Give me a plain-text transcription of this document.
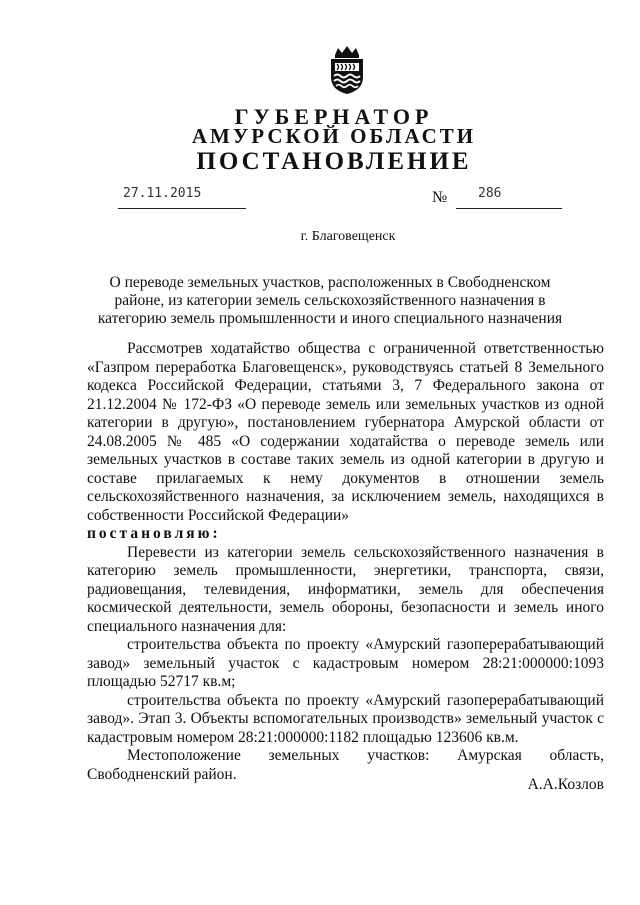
ГУБЕРНАТОР
АМУРСКОЙ ОБЛАСТИ
ПОСТАНОВЛЕНИЕ
27.11.2015	№ 286
г. Благовещенск
О переводе земельных участков, расположенных в Свободненском районе, из категории земель сельскохозяйственного назначения в категорию земель промышленности и иного специального назначения

Рассмотрев ходатайство общества с ограниченной ответственностью «Газпром переработка Благовещенск», руководствуясь статьей 8 Земельного кодекса Российской Федерации, статьями 3, 7 Федерального закона от 21.12.2004 № 172-ФЗ «О переводе земель или земельных участков из одной категории в другую», постановлением губернатора Амурской области от 24.08.2005 № 485 «О содержании ходатайства о переводе земель или земельных участков в составе таких земель из одной категории в другую и составе прилагаемых к нему документов в отношении земель сельскохозяйственного назначения, за исключением земель, находящихся в собственности Российской Федерации»

постановляю:

Перевести из категории земель сельскохозяйственного назначения в категорию земель промышленности, энергетики, транспорта, связи, радиовещания, телевидения, информатики, земель для обеспечения космической деятельности, земель обороны, безопасности и земель иного специального назначения для:

строительства объекта по проекту «Амурский газоперерабатывающий завод» земельный участок с кадастровым номером 28:21:000000:1093 площадью 52717 кв.м;

строительства объекта по проекту «Амурский газоперерабатывающий завод». Этап 3. Объекты вспомогательных производств» земельный участок с кадастровым номером 28:21:000000:1182 площадью 123606 кв.м.

Местоположение земельных участков: Амурская область, Свободненский район.

А.А.Козлов
